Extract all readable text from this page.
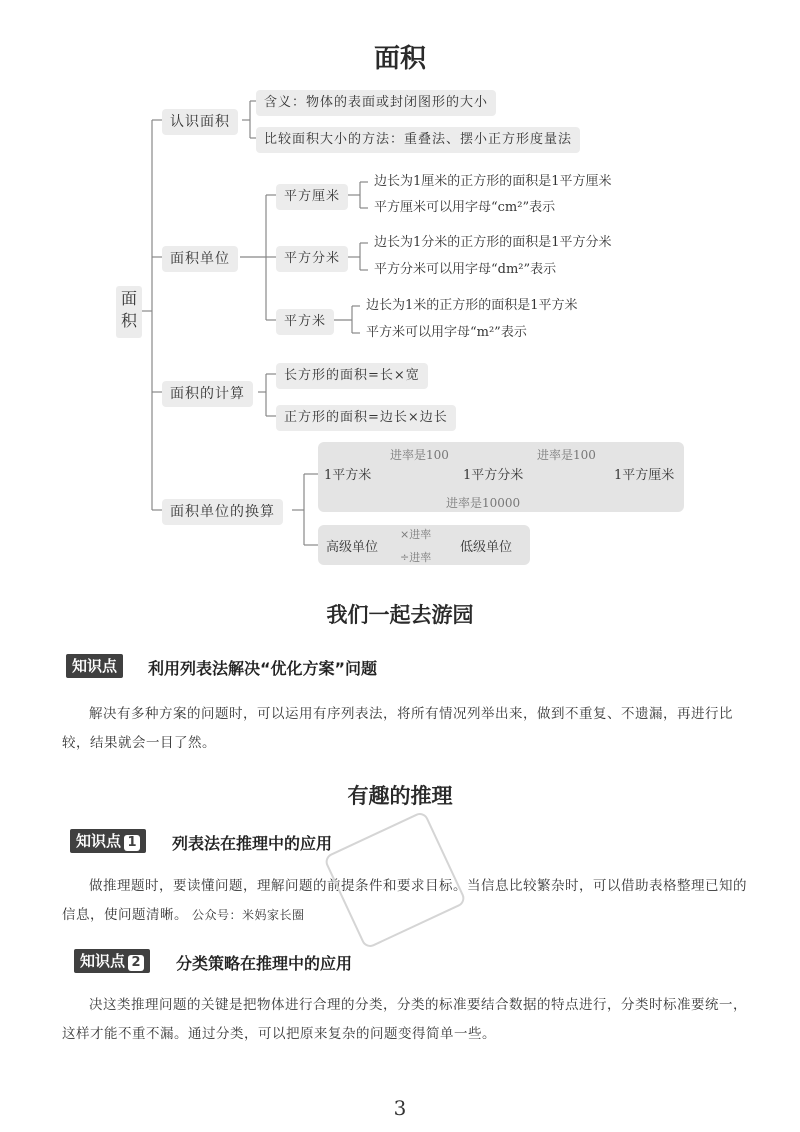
面积
面积
认识面积
含义：物体的表面或封闭图形的大小
比较面积大小的方法：重叠法、摆小正方形度量法
面积单位
平方厘米
边长为1厘米的正方形的面积是1平方厘米
平方厘米可以用字母“cm²”表示
平方分米
边长为1分米的正方形的面积是1平方分米
平方分米可以用字母“dm²”表示
平方米
边长为1米的正方形的面积是1平方米
平方米可以用字母“m²”表示
面积的计算
长方形的面积=长×宽
正方形的面积=边长×边长
面积单位的换算
1平方米	1平方分米	1平方厘米
进率是100	进率是100
进率是10000
高级单位	低级单位
×进率
÷进率
我们一起去游园
知识点	利用列表法解决“优化方案”问题
解决有多种方案的问题时，可以运用有序列表法，将所有情况列举出来，做到不重复、不遗漏，再进行比较，结果就会一目了然。
有趣的推理
知识点 1	列表法在推理中的应用
做推理题时，要读懂问题，理解问题的前提条件和要求目标。当信息比较繁杂时，可以借助表格整理已知的信息，使问题清晰。 公众号：米妈家长圈
知识点 2	分类策略在推理中的应用
决这类推理问题的关键是把物体进行合理的分类，分类的标准要结合数据的特点进行，分类时标准要统一，这样才能不重不漏。通过分类，可以把原来复杂的问题变得简单一些。
3
